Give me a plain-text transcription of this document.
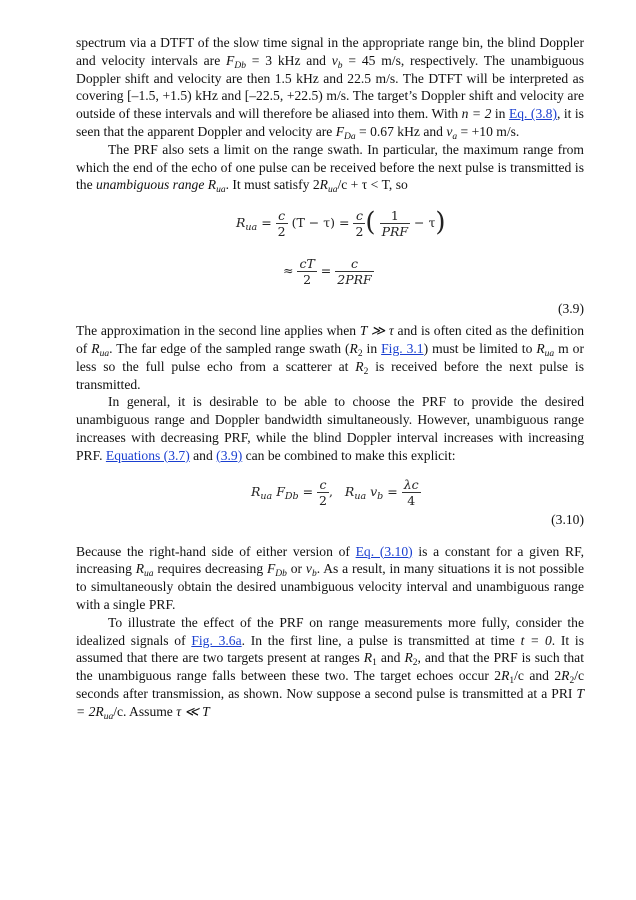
spectrum via a DTFT of the slow time signal in the appropriate range bin, the blind Doppler and velocity intervals are $F_{Db} = 3$ kHz and $v_b = 45$ m/s, respectively. The unambiguous Doppler shift and velocity are then 1.5 kHz and 22.5 m/s. The DTFT will be interpreted as covering [–1.5, +1.5) kHz and [–22.5, +22.5) m/s. The target’s Doppler shift and velocity are outside of these intervals and will therefore be aliased into them. With n = 2 in Eq. (3.8), it is seen that the apparent Doppler and velocity are $F_{Da} = 0.67$ kHz and $v_a = +10$ m/s.

The PRF also sets a limit on the range swath. In particular, the maximum range from which the end of the echo of one pulse can be received before the next pulse is transmitted is the unambiguous range $R_{ua}$. It must satisfy $2R_{ua}/c + \tau < T$, so

$R_{ua} = \frac{c}{2} (T - \tau) = \frac{c}{2}$ ( $\frac{1}{\text{PRF}} - \tau$)
≈ $\frac{cT}{2} = \frac{c}{\text{2PRF}}$
(3.9)

The approximation in the second line applies when T ≫ τ and is often cited as the definition of $R_{ua}$. The far edge of the sampled range swath ($R_2$ in Fig. 3.1) must be limited to $R_{ua}$ m or less so the full pulse echo from a scatterer at $R_2$ is received before the next pulse is transmitted.

In general, it is desirable to be able to choose the PRF to provide the desired unambiguous range and Doppler bandwidth simultaneously. However, unambiguous range increases with decreasing PRF, while the blind Doppler interval increases with increasing PRF. Equations (3.7) and (3.9) can be combined to make this explicit:

$R_{ua}$ $F_{Db} = \frac{c}{2}$ , $R_{ua}$ $v_b = \frac{\lambda c}{4}$
(3.10)

Because the right-hand side of either version of Eq. (3.10) is a constant for a given RF, increasing $R_{ua}$ requires decreasing $F_{Db}$ or $v_b$. As a result, in many situations it is not possible to simultaneously obtain the desired unambiguous velocity interval and unambiguous range with a single PRF.

To illustrate the effect of the PRF on range measurements more fully, consider the idealized signals of Fig. 3.6a. In the first line, a pulse is transmitted at time t = 0. It is assumed that there are two targets present at ranges $R_1$ and $R_2$, and that the PRF is such that the unambiguous range falls between these two. The target echoes occur $2R_1/c$ and $2R_2/c$ seconds after transmission, as shown. Now suppose a second pulse is transmitted at a PRI $T = 2R_{ua}/c$. Assume τ ≪ T
